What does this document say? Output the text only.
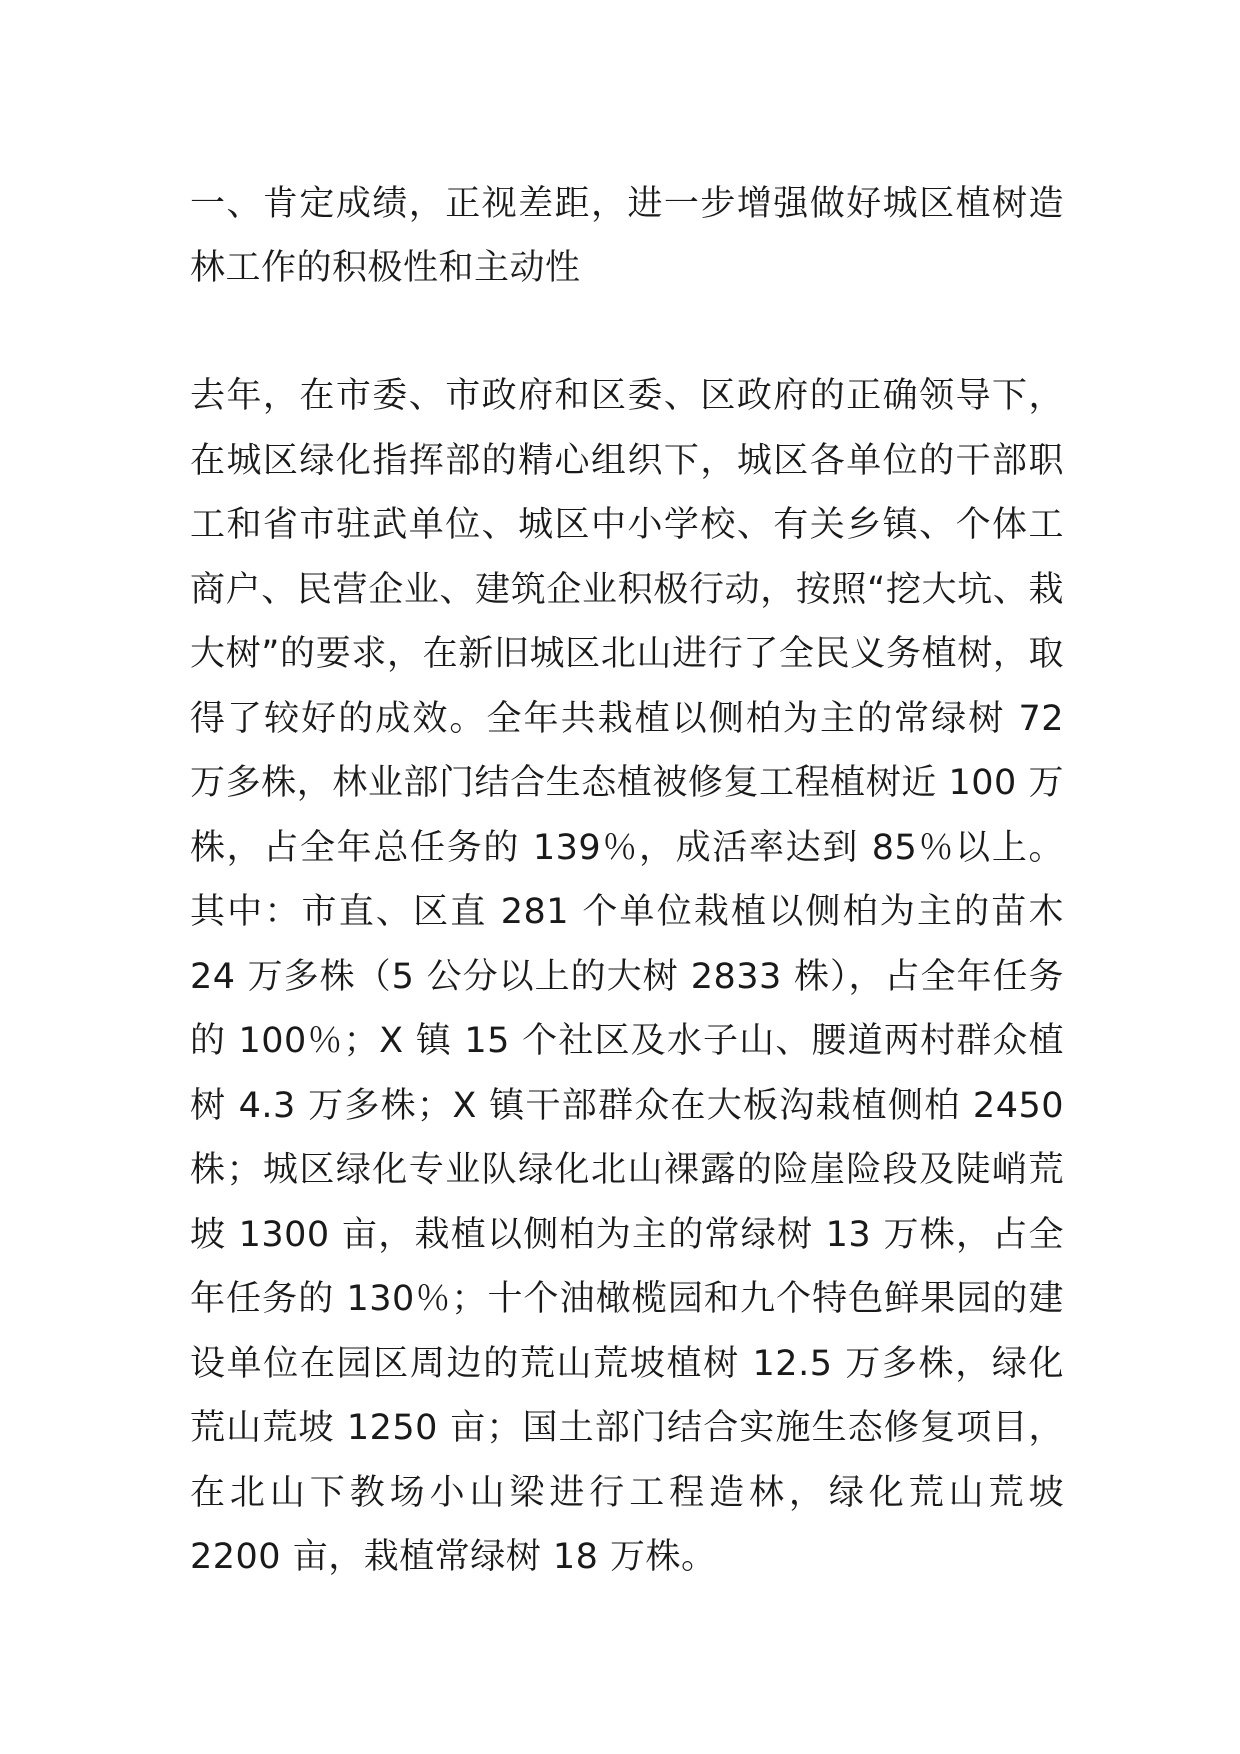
一、肯定成绩，正视差距，进一步增强做好城区植树造林工作的积极性和主动性

去年，在市委、市政府和区委、区政府的正确领导下，在城区绿化指挥部的精心组织下，城区各单位的干部职工和省市驻武单位、城区中小学校、有关乡镇、个体工商户、民营企业、建筑企业积极行动，按照“挖大坑、栽大树”的要求，在新旧城区北山进行了全民义务植树，取得了较好的成效。全年共栽植以侧柏为主的常绿树 72 万多株，林业部门结合生态植被修复工程植树近 100 万株，占全年总任务的 139％，成活率达到 85％以上。其中：市直、区直 281 个单位栽植以侧柏为主的苗木 24 万多株（5 公分以上的大树 2833 株），占全年任务的 100％；X 镇 15 个社区及水子山、腰道两村群众植树 4.3 万多株；X 镇干部群众在大板沟栽植侧柏 2450 株；城区绿化专业队绿化北山裸露的险崖险段及陡峭荒坡 1300 亩，栽植以侧柏为主的常绿树 13 万株，占全年任务的 130％；十个油橄榄园和九个特色鲜果园的建设单位在园区周边的荒山荒坡植树 12.5 万多株，绿化荒山荒坡 1250 亩；国土部门结合实施生态修复项目，在北山下教场小山梁进行工程造林，绿化荒山荒坡 2200 亩，栽植常绿树 18 万株。
